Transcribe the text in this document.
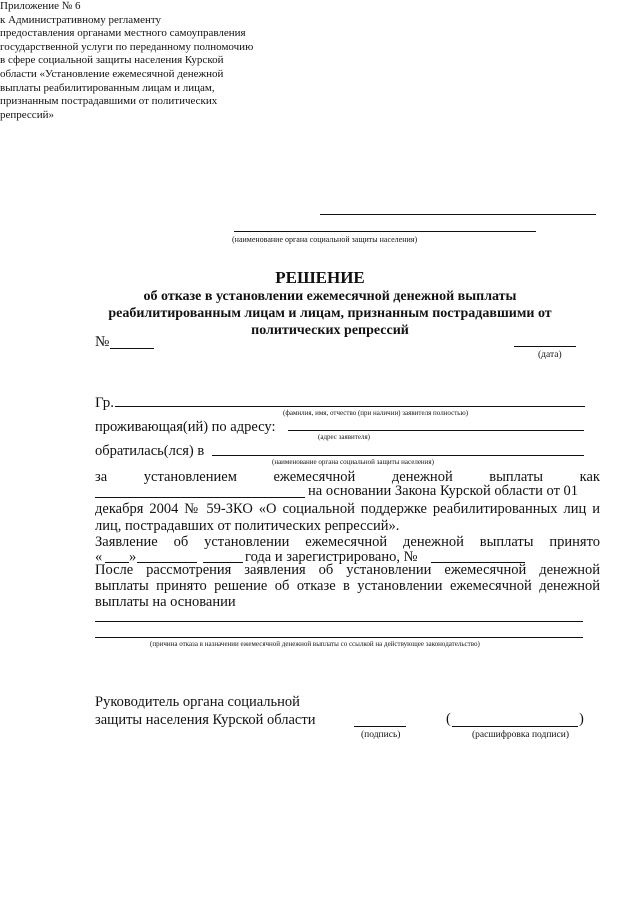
Приложение № 6
к Административному регламенту
предоставления органами местного самоуправления
государственной услуги по переданному полномочию
в сфере социальной защиты населения Курской
области «Установление ежемесячной денежной
выплаты реабилитированным лицам и лицам,
признанным пострадавшими от политических
репрессий»
(наименование органа социальной защиты населения)
РЕШЕНИЕ
об отказе в установлении ежемесячной денежной выплаты
реабилитированным лицам и лицам, признанным пострадавшими от
политических репрессий
№
(дата)
Гр.
(фамилия, имя, отчество (при наличии) заявителя полностью)
проживающая(ий) по адресу:
(адрес заявителя)
обратилась(лся) в
(наименование органа социальной защиты населения)
за	установлением	ежемесячной	денежной	выплаты	как
на основании Закона Курской области от 01
декабря 2004 № 59-ЗКО «О социальной поддержке реабилитированных лиц и
лиц, пострадавших от политических репрессий».
Заявление об установлении ежемесячной денежной выплаты принято
« »	года и зарегистрировано, №
После рассмотрения заявления об установлении ежемесячной денежной
выплаты принято решение об отказе в установлении ежемесячной денежной
выплаты на основании
(причина отказа в назначении ежемесячной денежной выплаты со ссылкой на действующее законодательство)
Руководитель органа социальной
защиты населения Курской области
(подпись)
(	)
(расшифровка подписи)
